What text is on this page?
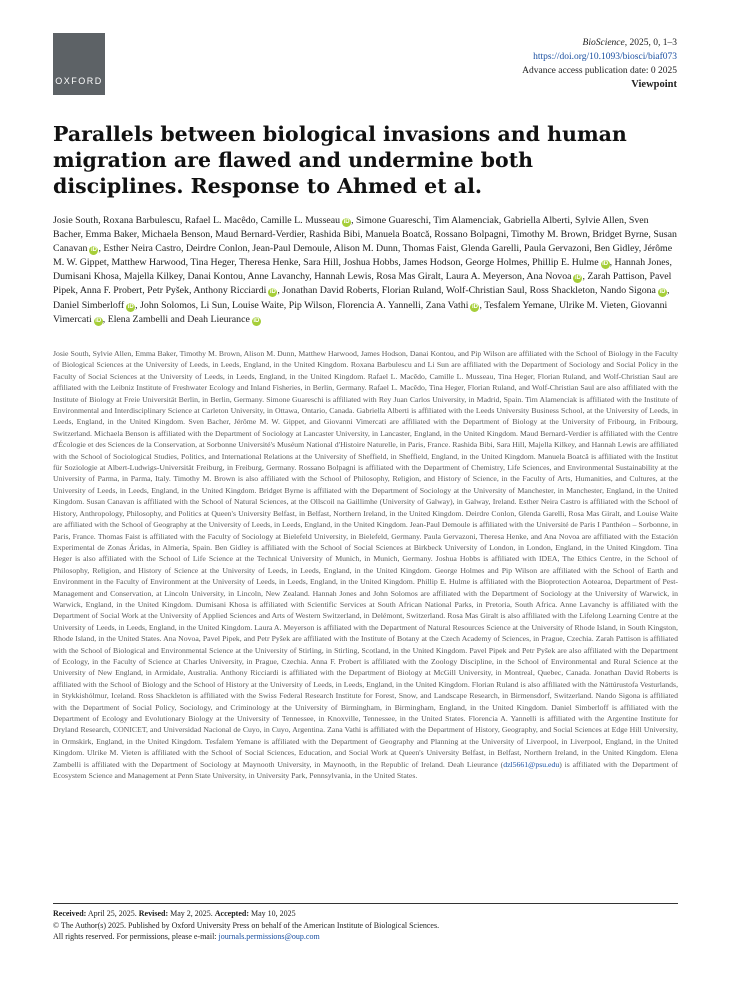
OXFORD
BioScience, 2025, 0, 1–3
https://doi.org/10.1093/biosci/biaf073
Advance access publication date: 0 2025
Viewpoint
Parallels between biological invasions and human migration are flawed and undermine both disciplines. Response to Ahmed et al.

Josie South, Roxana Barbulescu, Rafael L. Macêdo, Camille L. Musseau iD , Simone Guareschi, Tim Alamenciak, Gabriella Alberti, Sylvie Allen, Sven Bacher, Emma Baker, Michaela Benson, Maud Bernard-Verdier, Rashida Bibi, Manuela Boatcă, Rossano Bolpagni, Timothy M. Brown, Bridget Byrne, Susan Canavan iD , Esther Neira Castro, Deirdre Conlon, Jean-Paul Demoule, Alison M. Dunn, Thomas Faist, Glenda Garelli, Paula Gervazoni, Ben Gidley, Jérôme M. W. Gippet, Matthew Harwood, Tina Heger, Theresa Henke, Sara Hill, Joshua Hobbs, James Hodson, George Holmes, Phillip E. Hulme iD , Hannah Jones, Dumisani Khosa, Majella Kilkey, Danai Kontou, Anne Lavanchy, Hannah Lewis, Rosa Mas Giralt, Laura A. Meyerson, Ana Novoa iD , Zarah Pattison, Pavel Pipek, Anna F. Probert, Petr Pyšek, Anthony Ricciardi iD , Jonathan David Roberts, Florian Ruland, Wolf-Christian Saul, Ross Shackleton, Nando Sigona iD , Daniel Simberloff iD , John Solomos, Li Sun, Louise Waite, Pip Wilson, Florencia A. Yannelli, Zana Vathi iD , Tesfalem Yemane, Ulrike M. Vieten, Giovanni Vimercati iD , Elena Zambelli and Deah Lieurance iD

Josie South, Sylvie Allen, Emma Baker, Timothy M. Brown, Alison M. Dunn, Matthew Harwood, James Hodson, Danai Kontou, and Pip Wilson are affiliated with the School of Biology in the Faculty of Biological Sciences at the University of Leeds, in Leeds, England, in the United Kingdom. Roxana Barbulescu and Li Sun are affiliated with the Department of Sociology and Social Policy in the Faculty of Social Sciences at the University of Leeds, in Leeds, England, in the United Kingdom. Rafael L. Macêdo, Camille L. Musseau, Tina Heger, Florian Ruland, and Wolf-Christian Saul are affiliated with the Leibniz Institute of Freshwater Ecology and Inland Fisheries, in Berlin, Germany. Rafael L. Macêdo, Tina Heger, Florian Ruland, and Wolf-Christian Saul are also affiliated with the Institute of Biology at Freie Universität Berlin, in Berlin, Germany. Simone Guareschi is affiliated with Rey Juan Carlos University, in Madrid, Spain. Tim Alamenciak is affiliated with the Institute of Environmental and Interdisciplinary Science at Carleton University, in Ottawa, Ontario, Canada. Gabriella Alberti is affiliated with the Leeds University Business School, at the University of Leeds, in Leeds, England, in the United Kingdom. Sven Bacher, Jérôme M. W. Gippet, and Giovanni Vimercati are affiliated with the Department of Biology at the University of Fribourg, in Fribourg, Switzerland. Michaela Benson is affiliated with the Department of Sociology at Lancaster University, in Lancaster, England, in the United Kingdom. Maud Bernard-Verdier is affiliated with the Centre d'Écologie et des Sciences de la Conservation, at Sorbonne Université's Muséum National d'Histoire Naturelle, in Paris, France. Rashida Bibi, Sara Hill, Majella Kilkey, and Hannah Lewis are affiliated with the School of Sociological Studies, Politics, and International Relations at the University of Sheffield, in Sheffield, England, in the United Kingdom. Manuela Boatcă is affiliated with the Institut für Soziologie at Albert-Ludwigs-Universität Freiburg, in Freiburg, Germany. Rossano Bolpagni is affiliated with the Department of Chemistry, Life Sciences, and Environmental Sustainability at the University of Parma, in Parma, Italy. Timothy M. Brown is also affiliated with the School of Philosophy, Religion, and History of Science, in the Faculty of Arts, Humanities, and Cultures, at the University of Leeds, in Leeds, England, in the United Kingdom. Bridget Byrne is affiliated with the Department of Sociology at the University of Manchester, in Manchester, England, in the United Kingdom. Susan Canavan is affiliated with the School of Natural Sciences, at the Ollscoil na Gaillimhe (University of Galway), in Galway, Ireland. Esther Neira Castro is affiliated with the School of History, Anthropology, Philosophy, and Politics at Queen's University Belfast, in Belfast, Northern Ireland, in the United Kingdom. Deirdre Conlon, Glenda Garelli, Rosa Mas Giralt, and Louise Waite are affiliated with the School of Geography at the University of Leeds, in Leeds, England, in the United Kingdom. Jean-Paul Demoule is affiliated with the Université de Paris I Panthéon – Sorbonne, in Paris, France. Thomas Faist is affiliated with the Faculty of Sociology at Bielefeld University, in Bielefeld, Germany. Paula Gervazoni, Theresa Henke, and Ana Novoa are affiliated with the Estación Experimental de Zonas Áridas, in Almería, Spain. Ben Gidley is affiliated with the School of Social Sciences at Birkbeck University of London, in London, England, in the United Kingdom. Tina Heger is also affiliated with the School of Life Science at the Technical University of Munich, in Munich, Germany. Joshua Hobbs is affiliated with IDEA, The Ethics Centre, in the School of Philosophy, Religion, and History of Science at the University of Leeds, in Leeds, England, in the United Kingdom. George Holmes and Pip Wilson are affiliated with the School of Earth and Environment in the Faculty of Environment at the University of Leeds, in Leeds, England, in the United Kingdom. Phillip E. Hulme is affiliated with the Bioprotection Aotearoa, Department of Pest-Management and Conservation, at Lincoln University, in Lincoln, New Zealand. Hannah Jones and John Solomos are affiliated with the Department of Sociology at the University of Warwick, in Warwick, England, in the United Kingdom. Dumisani Khosa is affiliated with Scientific Services at South African National Parks, in Pretoria, South Africa. Anne Lavanchy is affiliated with the Department of Social Work at the University of Applied Sciences and Arts of Western Switzerland, in Delémont, Switzerland. Rosa Mas Giralt is also affiliated with the Lifelong Learning Centre at the University of Leeds, in Leeds, England, in the United Kingdom. Laura A. Meyerson is affiliated with the Department of Natural Resources Science at the University of Rhode Island, in South Kingston, Rhode Island, in the United States. Ana Novoa, Pavel Pipek, and Petr Pyšek are affiliated with the Institute of Botany at the Czech Academy of Sciences, in Prague, Czechia. Zarah Pattison is affiliated with the School of Biological and Environmental Science at the University of Stirling, in Stirling, Scotland, in the United Kingdom. Pavel Pipek and Petr Pyšek are also affiliated with the Department of Ecology, in the Faculty of Science at Charles University, in Prague, Czechia. Anna F. Probert is affiliated with the Zoology Discipline, in the School of Environmental and Rural Science at the University of New England, in Armidale, Australia. Anthony Ricciardi is affiliated with the Department of Biology at McGill University, in Montreal, Quebec, Canada. Jonathan David Roberts is affiliated with the School of Biology and the School of History at the University of Leeds, in Leeds, England, in the United Kingdom. Florian Ruland is also affiliated with the Náttúrustofa Vesturlands, in Stykkishólmur, Iceland. Ross Shackleton is affiliated with the Swiss Federal Research Institute for Forest, Snow, and Landscape Research, in Birmensdorf, Switzerland. Nando Sigona is affiliated with the Department of Social Policy, Sociology, and Criminology at the University of Birmingham, in Birmingham, England, in the United Kingdom. Daniel Simberloff is affiliated with the Department of Ecology and Evolutionary Biology at the University of Tennessee, in Knoxville, Tennessee, in the United States. Florencia A. Yannelli is affiliated with the Argentine Institute for Dryland Research, CONICET, and Universidad Nacional de Cuyo, in Cuyo, Argentina. Zana Vathi is affiliated with the Department of History, Geography, and Social Sciences at Edge Hill University, in Ormskirk, England, in the United Kingdom. Tesfalem Yemane is affiliated with the Department of Geography and Planning at the University of Liverpool, in Liverpool, England, in the United Kingdom. Ulrike M. Vieten is affiliated with the School of Social Sciences, Education, and Social Work at Queen's University Belfast, in Belfast, Northern Ireland, in the United Kingdom. Elena Zambelli is affiliated with the Department of Sociology at Maynooth University, in Maynooth, in the Republic of Ireland. Deah Lieurance (dzl5661@psu.edu) is affiliated with the Department of Ecosystem Science and Management at Penn State University, in University Park, Pennsylvania, in the United States.

Received: April 25, 2025. Revised: May 2, 2025. Accepted: May 10, 2025
© The Author(s) 2025. Published by Oxford University Press on behalf of the American Institute of Biological Sciences.
All rights reserved. For permissions, please e-mail: journals.permissions@oup.com
